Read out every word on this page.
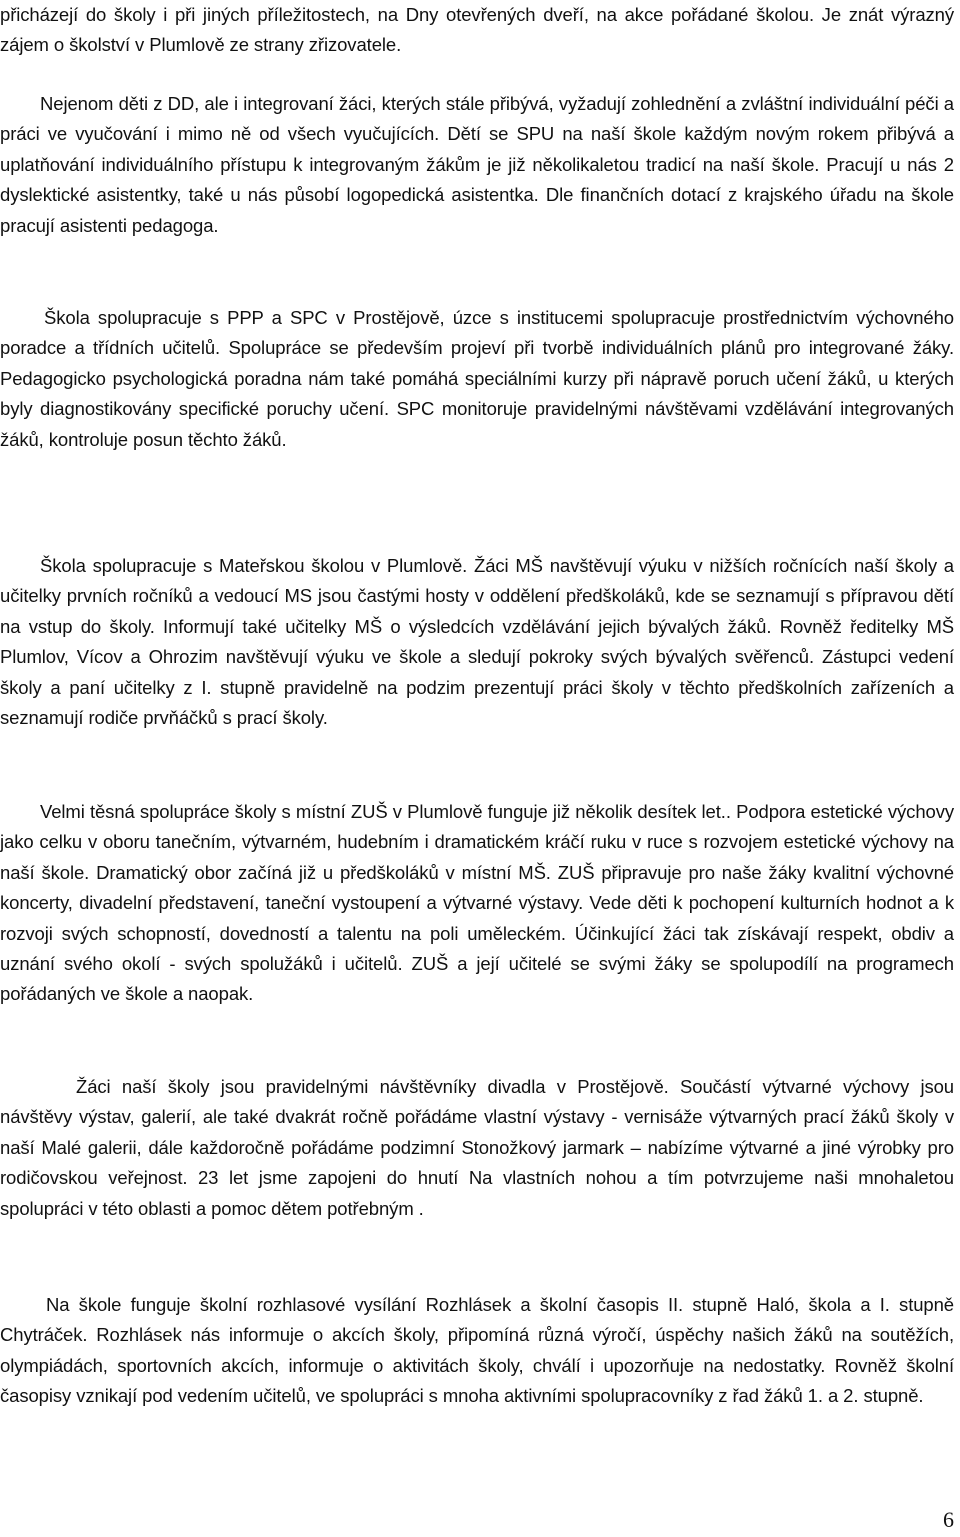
přicházejí do školy i při jiných příležitostech, na Dny otevřených dveří, na akce pořádané školou. Je znát výrazný zájem o školství v Plumlově ze strany zřizovatele.

Nejenom děti z DD, ale i integrovaní žáci, kterých stále přibývá, vyžadují zohlednění a zvláštní individuální péči a práci ve vyučování i mimo ně od všech vyučujících. Dětí se SPU na naší škole každým novým rokem přibývá a uplatňování individuálního přístupu k integrovaným žákům je již několikaletou tradicí na naší škole. Pracují u nás 2 dyslektické asistentky, také u nás působí logopedická asistentka. Dle finančních dotací z krajského úřadu na škole pracují asistenti pedagoga.

Škola spolupracuje s PPP a SPC v Prostějově, úzce s institucemi spolupracuje prostřednictvím výchovného poradce a třídních učitelů. Spolupráce se především projeví při tvorbě individuálních plánů pro integrované žáky. Pedagogicko psychologická poradna nám také pomáhá speciálními kurzy při nápravě poruch učení žáků, u kterých byly diagnostikovány specifické poruchy učení. SPC monitoruje pravidelnými návštěvami vzdělávání integrovaných žáků, kontroluje posun těchto žáků.

Škola spolupracuje s Mateřskou školou v Plumlově. Žáci MŠ navštěvují výuku v nižších ročnících naší školy a učitelky prvních ročníků a vedoucí MS jsou častými hosty v oddělení předškoláků, kde se seznamují s přípravou dětí na vstup do školy. Informují také učitelky MŠ o výsledcích vzdělávání jejich bývalých žáků. Rovněž ředitelky MŠ Plumlov, Vícov a Ohrozim navštěvují výuku ve škole a sledují pokroky svých bývalých svěřenců. Zástupci vedení školy a paní učitelky z I. stupně pravidelně na podzim prezentují práci školy v těchto předškolních zařízeních a seznamují rodiče prvňáčků s prací školy.

Velmi těsná spolupráce školy s místní ZUŠ v Plumlově funguje již několik desítek let.. Podpora estetické výchovy jako celku v oboru tanečním, výtvarném, hudebním i dramatickém kráčí ruku v ruce s rozvojem estetické výchovy na naší škole. Dramatický obor začíná již u předškoláků v místní MŠ. ZUŠ připravuje pro naše žáky kvalitní výchovné koncerty, divadelní představení, taneční vystoupení a výtvarné výstavy. Vede děti k pochopení kulturních hodnot a k rozvoji svých schopností, dovedností a talentu na poli uměleckém. Účinkující žáci tak získávají respekt, obdiv a uznání svého okolí - svých spolužáků i učitelů. ZUŠ a její učitelé se svými žáky se spolupodílí na programech pořádaných ve škole a naopak.

Žáci naší školy jsou pravidelnými návštěvníky divadla v Prostějově. Součástí výtvarné výchovy jsou návštěvy výstav, galerií, ale také dvakrát ročně pořádáme vlastní výstavy - vernisáže výtvarných prací žáků školy v naší Malé galerii, dále každoročně pořádáme podzimní Stonožkový jarmark – nabízíme výtvarné a jiné výrobky pro rodičovskou veřejnost. 23 let jsme zapojeni do hnutí Na vlastních nohou a tím potvrzujeme naši mnohaletou spolupráci v této oblasti a pomoc dětem potřebným .

Na škole funguje školní rozhlasové vysílání Rozhlásek a školní časopis II. stupně Haló, škola a I. stupně Chytráček. Rozhlásek nás informuje o akcích školy, připomíná různá výročí, úspěchy našich žáků na soutěžích, olympiádách, sportovních akcích, informuje o aktivitách školy, chválí i upozorňuje na nedostatky. Rovněž školní časopisy vznikají pod vedením učitelů, ve spolupráci s mnoha aktivními spolupracovníky z řad žáků 1. a 2. stupně.

6
